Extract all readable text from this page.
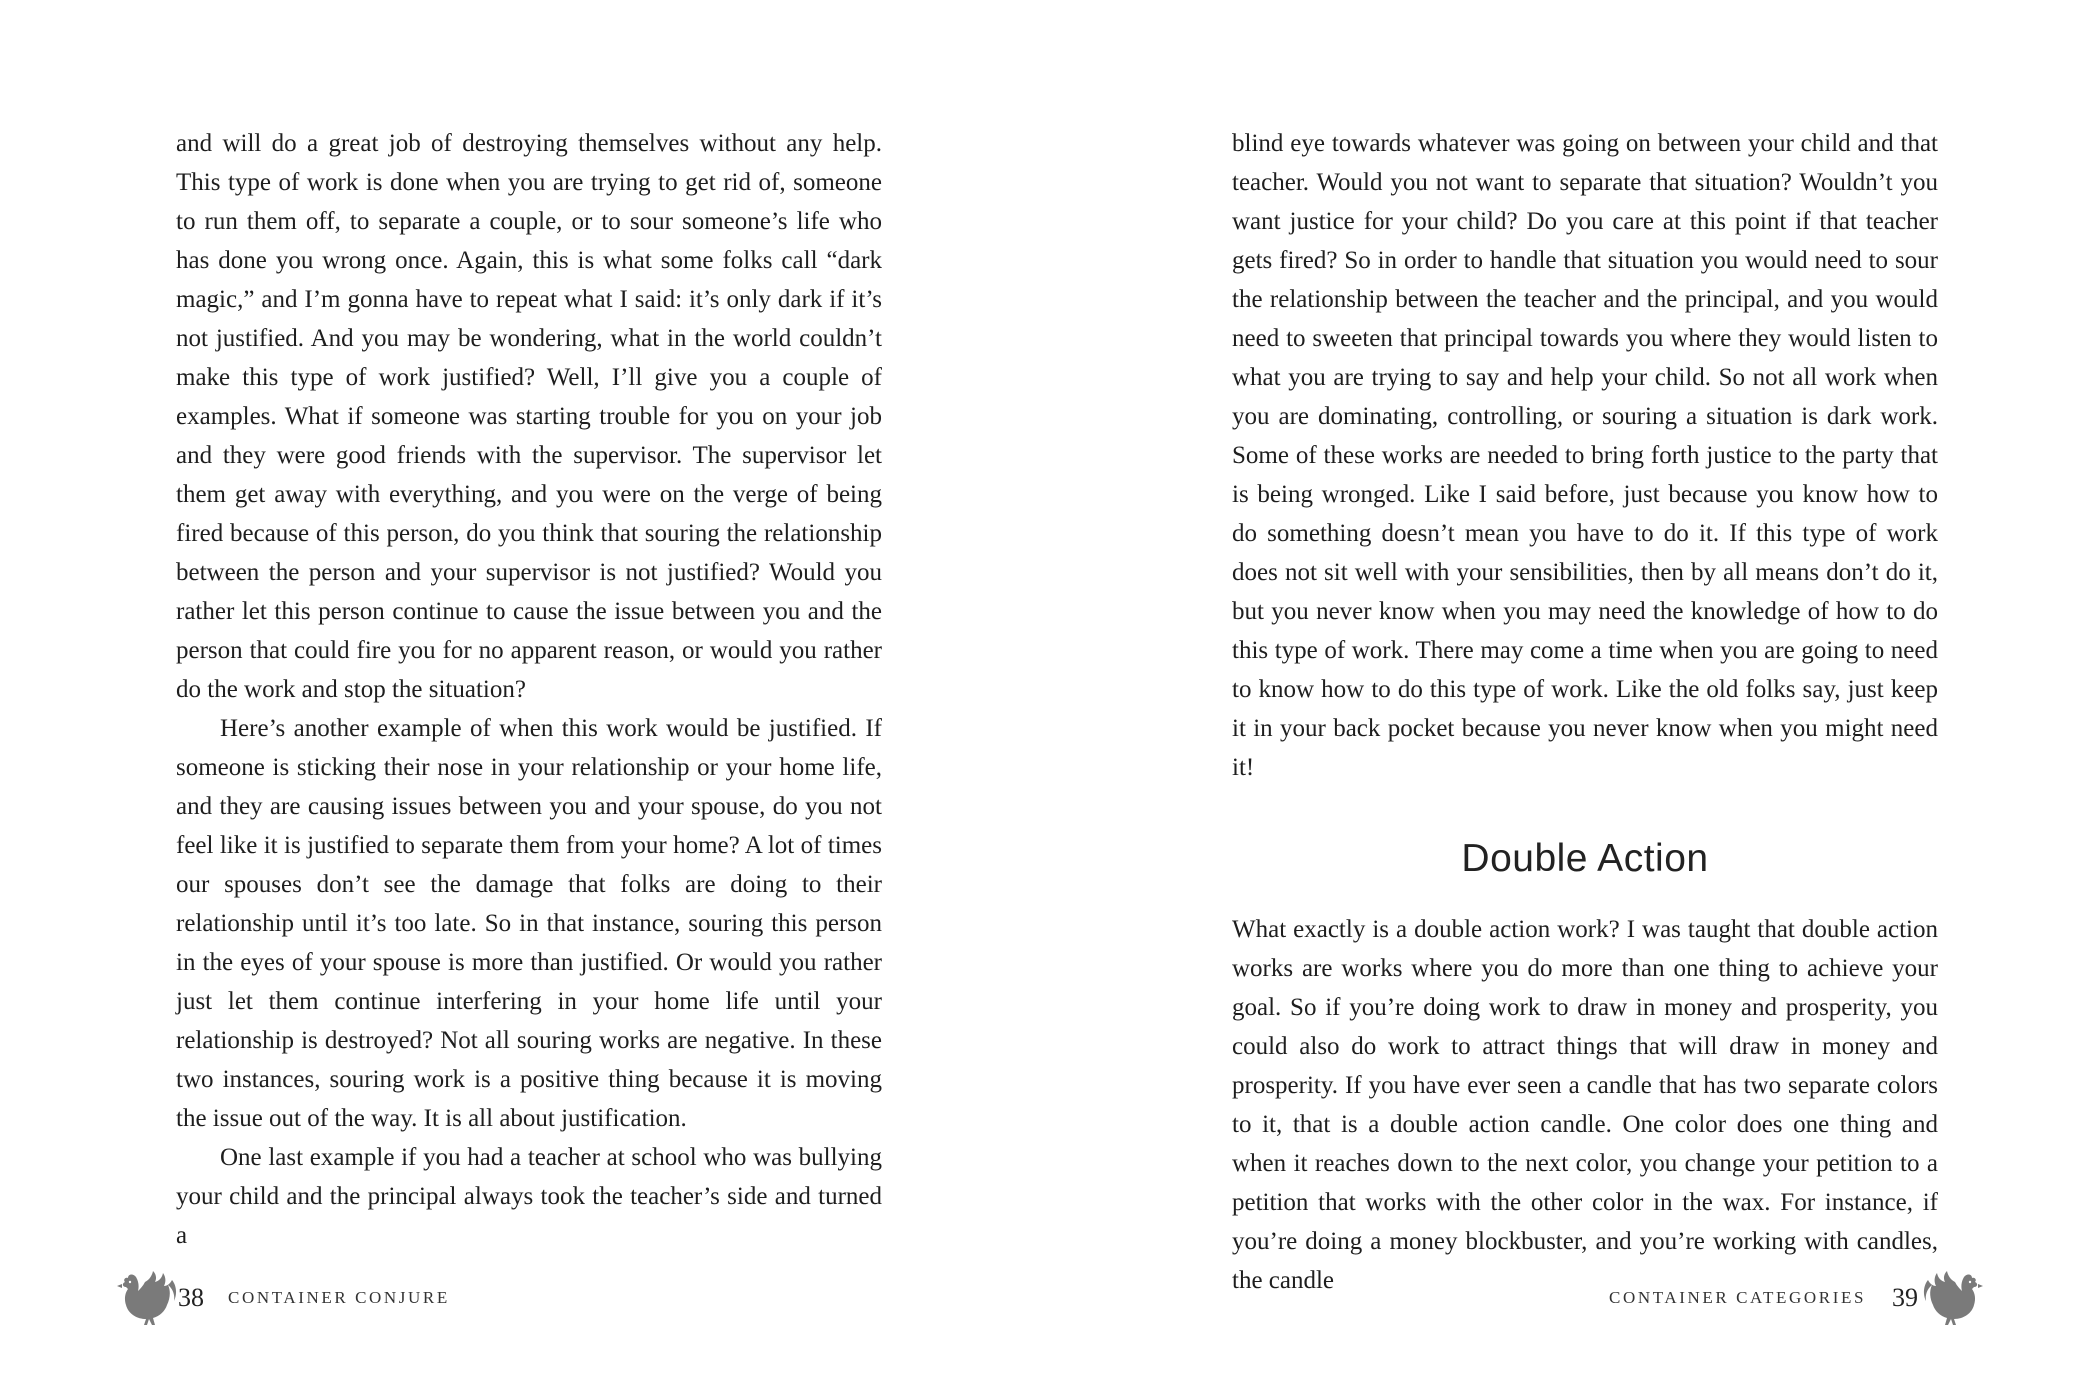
and will do a great job of destroying themselves without any help. This type of work is done when you are trying to get rid of, someone to run them off, to separate a couple, or to sour someone’s life who has done you wrong once. Again, this is what some folks call “dark magic,” and I’m gonna have to repeat what I said: it’s only dark if it’s not justified. And you may be wondering, what in the world couldn’t make this type of work justified? Well, I’ll give you a couple of examples. What if someone was starting trouble for you on your job and they were good friends with the supervisor. The supervisor let them get away with everything, and you were on the verge of being fired because of this person, do you think that souring the relationship between the person and your supervisor is not justified? Would you rather let this person continue to cause the issue between you and the person that could fire you for no apparent reason, or would you rather do the work and stop the situation?

Here’s another example of when this work would be justified. If someone is sticking their nose in your relationship or your home life, and they are causing issues between you and your spouse, do you not feel like it is justified to separate them from your home? A lot of times our spouses don’t see the damage that folks are doing to their relationship until it’s too late. So in that instance, souring this person in the eyes of your spouse is more than justified. Or would you rather just let them continue interfering in your home life until your relationship is destroyed? Not all souring works are negative. In these two instances, souring work is a positive thing because it is moving the issue out of the way. It is all about justification.

One last example if you had a teacher at school who was bullying your child and the principal always took the teacher’s side and turned a

38 CONTAINER CONJURE

blind eye towards whatever was going on between your child and that teacher. Would you not want to separate that situation? Wouldn’t you want justice for your child? Do you care at this point if that teacher gets fired? So in order to handle that situation you would need to sour the relationship between the teacher and the principal, and you would need to sweeten that principal towards you where they would listen to what you are trying to say and help your child. So not all work when you are dominating, controlling, or souring a situation is dark work. Some of these works are needed to bring forth justice to the party that is being wronged. Like I said before, just because you know how to do something doesn’t mean you have to do it. If this type of work does not sit well with your sensibilities, then by all means don’t do it, but you never know when you may need the knowledge of how to do this type of work. There may come a time when you are going to need to know how to do this type of work. Like the old folks say, just keep it in your back pocket because you never know when you might need it!

Double Action

What exactly is a double action work? I was taught that double action works are works where you do more than one thing to achieve your goal. So if you’re doing work to draw in money and prosperity, you could also do work to attract things that will draw in money and prosperity. If you have ever seen a candle that has two separate colors to it, that is a double action candle. One color does one thing and when it reaches down to the next color, you change your petition to a petition that works with the other color in the wax. For instance, if you’re doing a money blockbuster, and you’re working with candles, the candle

CONTAINER CATEGORIES 39
